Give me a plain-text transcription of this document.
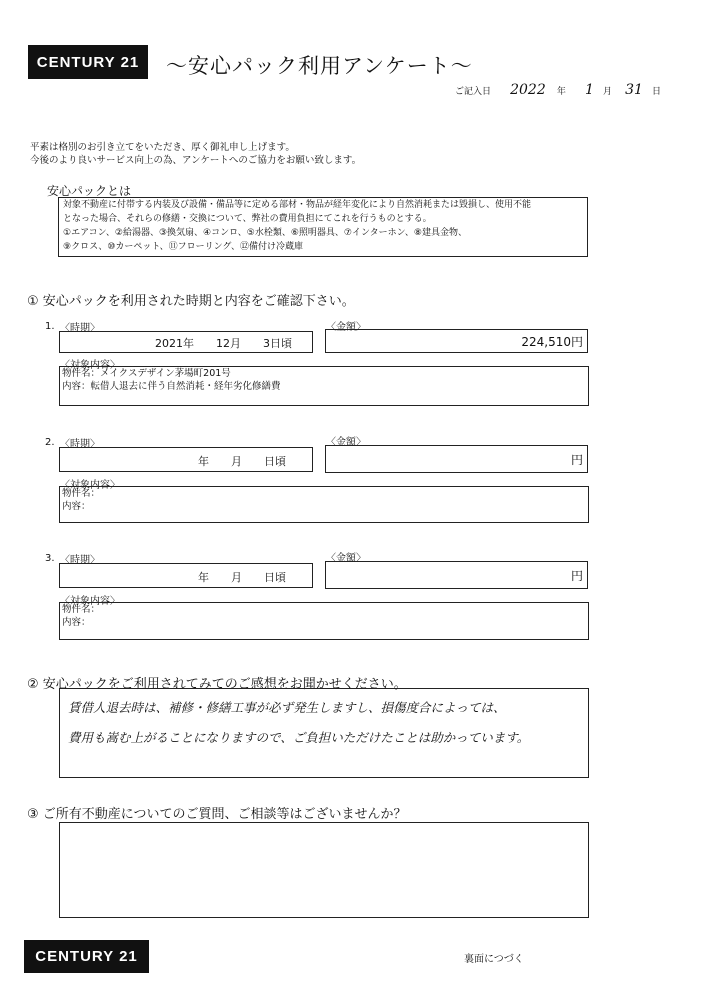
CENTURY 21	〜安心パック利用アンケート〜
ご記入日 2022 年 1 月 31 日
平素は格別のお引き立てをいただき、厚く御礼申し上げます。
今後のより良いサービス向上の為、アンケートへのご協力をお願い致します。
安心パックとは
対象不動産に付帯する内装及び設備・備品等に定める部材・物品が経年変化により自然消耗または毀損し、使用不能
となった場合、それらの修繕・交換について、弊社の費用負担にてこれを行うものとする。
①エアコン、②給湯器、③換気扇、④コンロ、⑤水栓類、⑥照明器具、⑦インターホン、⑧建具金物、
⑨クロス、⑩カーペット、⑪フローリング、⑫備付け冷蔵庫
① 安心パックを利用された時期と内容をご確認下さい。
1. 〈時期〉	〈金額〉
2021年　　12月　　3日頃	224,510円
〈対象内容〉
物件名：メイクスデザイン茅場町201号
内容：転借人退去に伴う自然消耗・経年劣化修繕費
2. 〈時期〉	〈金額〉
年　　月　　日頃	円
〈対象内容〉
物件名：
内容：
3. 〈時期〉	〈金額〉
年　　月　　日頃	円
〈対象内容〉
物件名：
内容：
② 安心パックをご利用されてみてのご感想をお聞かせください。
賃借人退去時は、補修・修繕工事が必ず発生しますし、損傷度合によっては、
費用も嵩む上がることになりますので、ご負担いただけたことは助かっています。
③ ご所有不動産についてのご質問、ご相談等はございませんか？
CENTURY 21	裏面につづく
